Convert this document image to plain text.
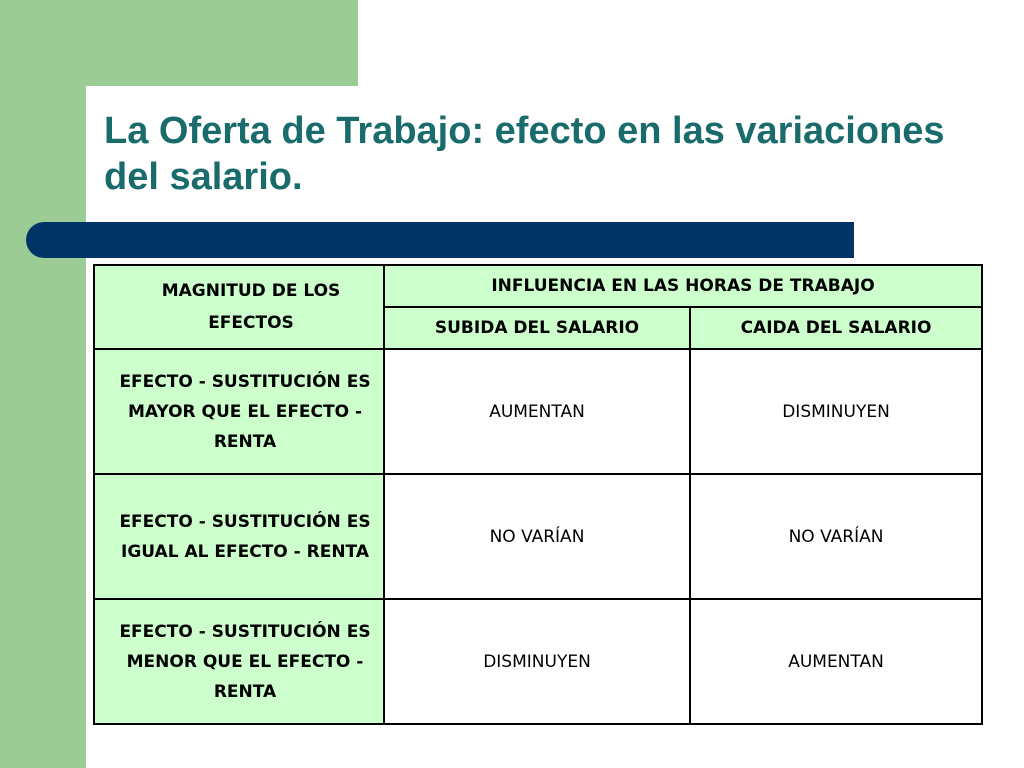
La Oferta de Trabajo: efecto en las variaciones del salario.
MAGNITUD DE LOS EFECTOS	INFLUENCIA EN LAS HORAS DE TRABAJO	
	SUBIDA DEL SALARIO	CAIDA DEL SALARIO
EFECTO - SUSTITUCIÓN ES MAYOR QUE EL EFECTO - RENTA	AUMENTAN	DISMINUYEN
EFECTO - SUSTITUCIÓN ES IGUAL AL EFECTO - RENTA	NO VARÍAN	NO VARÍAN
EFECTO - SUSTITUCIÓN ES MENOR QUE EL EFECTO - RENTA	DISMINUYEN	AUMENTAN
